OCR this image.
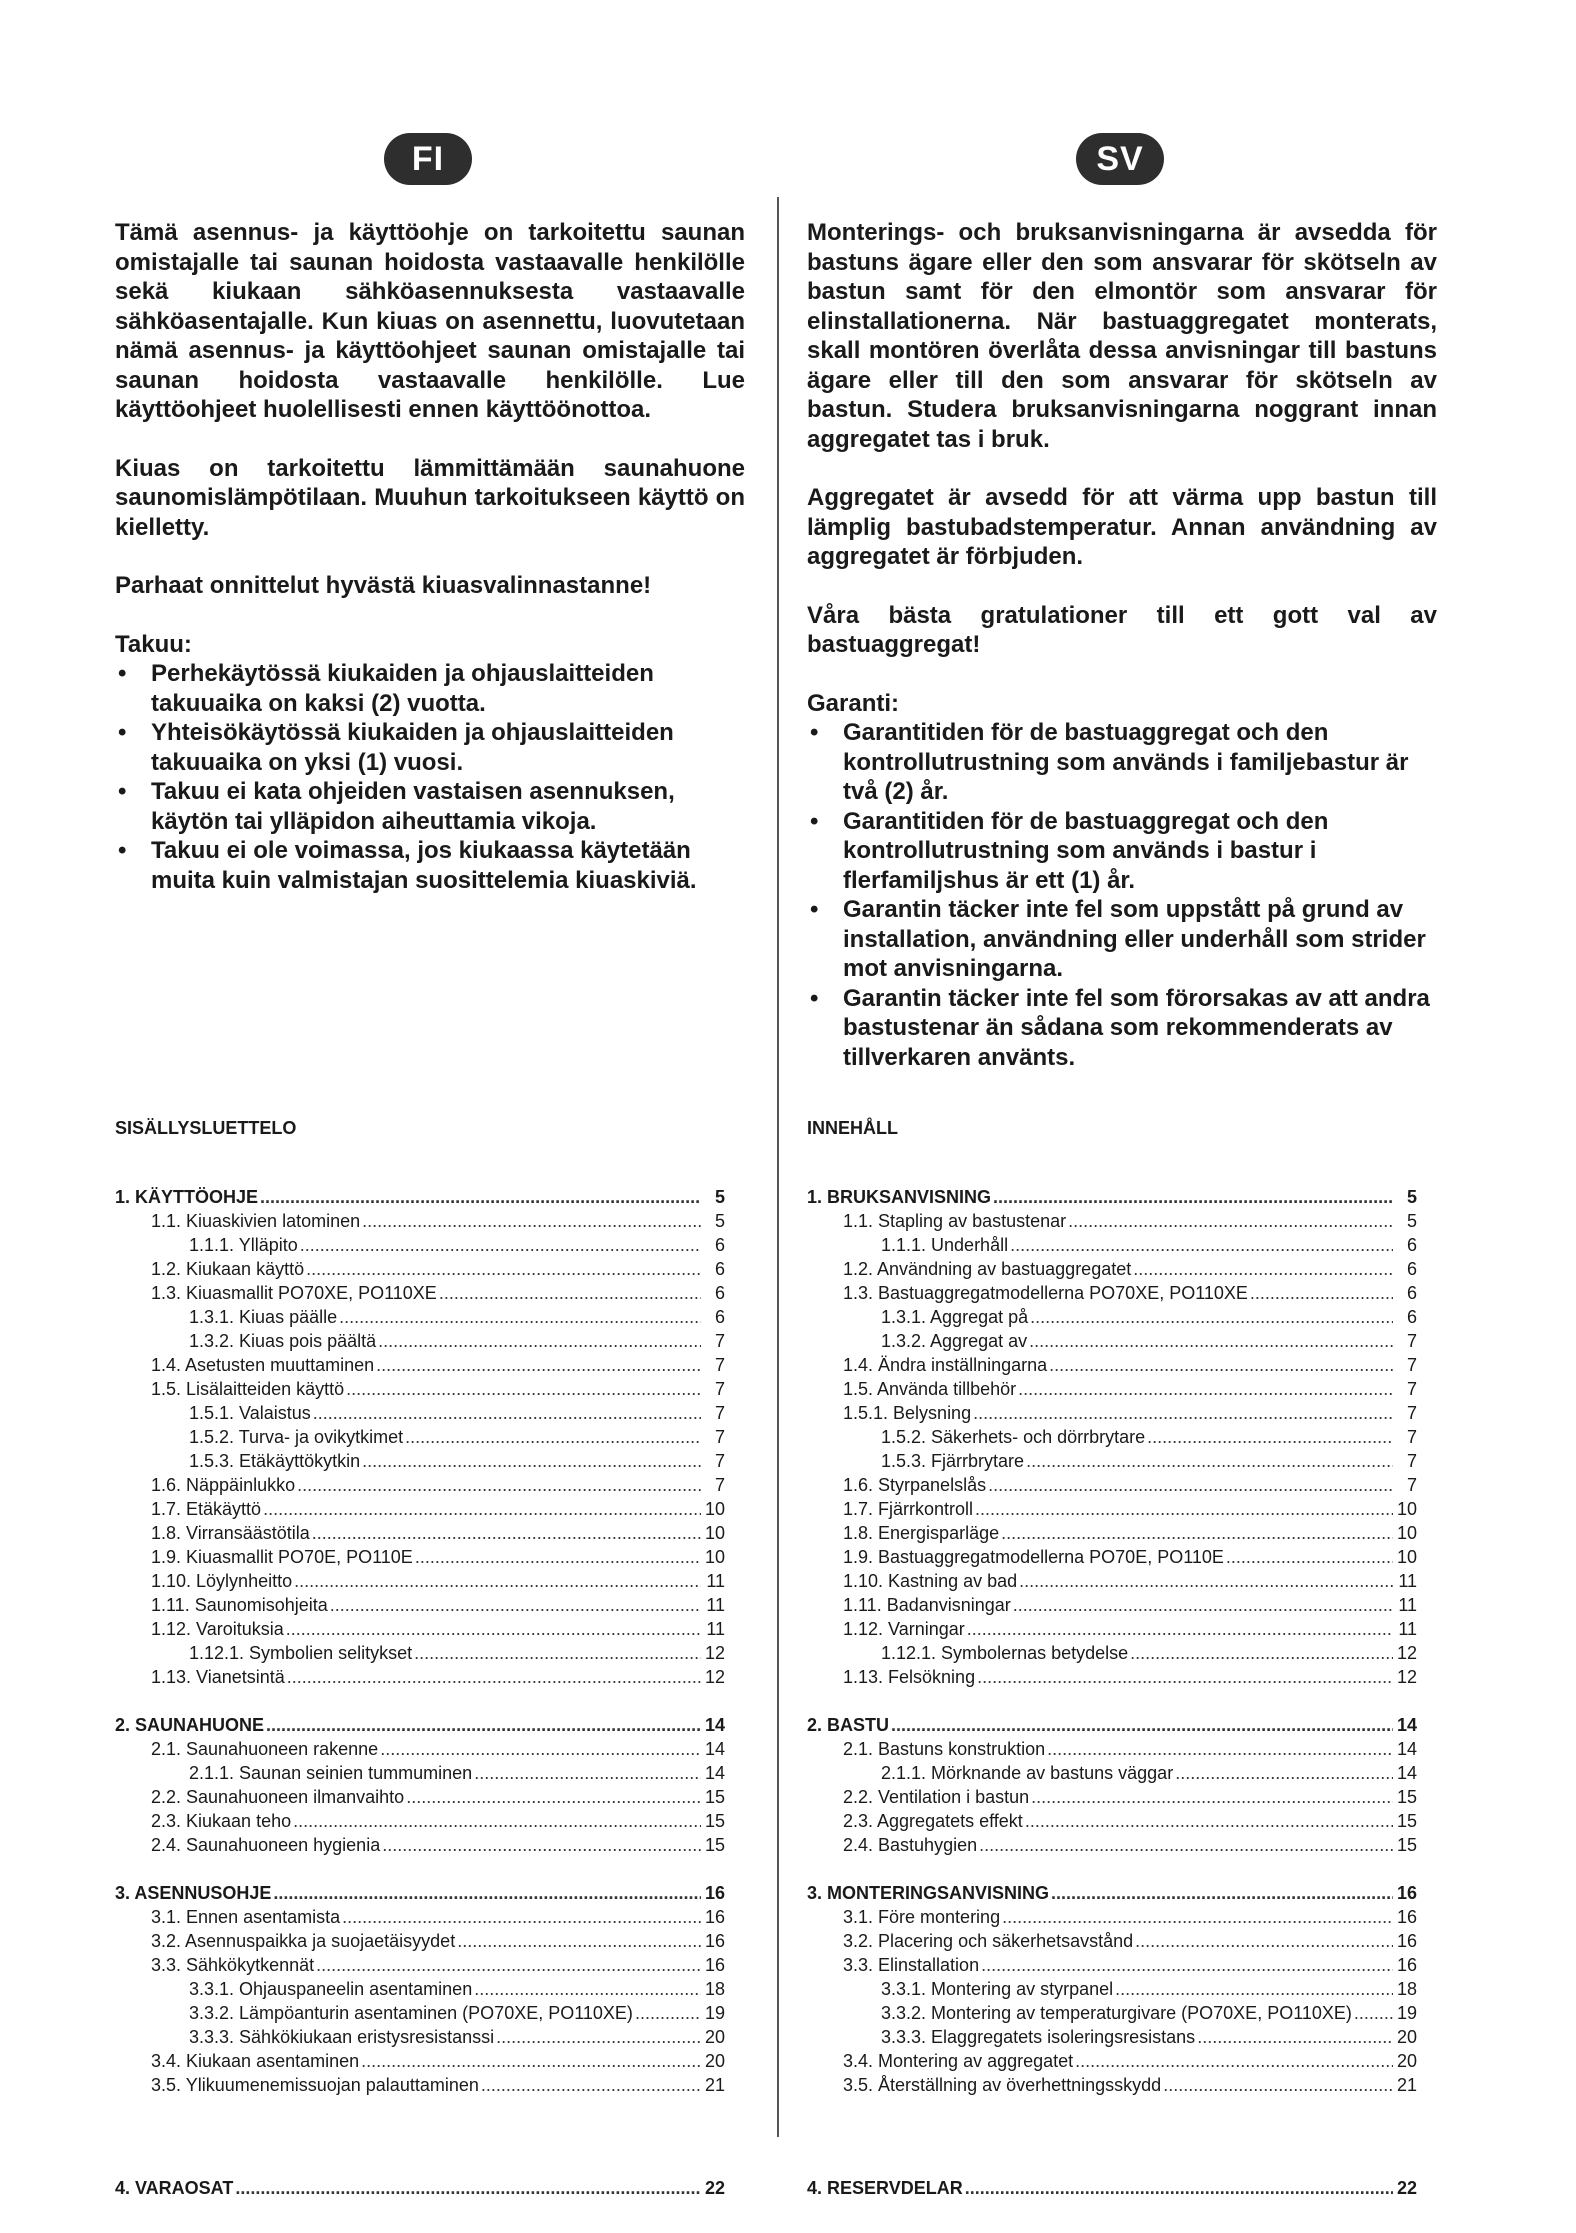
FI	SV

Tämä asennus- ja käyttöohje on tarkoitettu saunan omistajalle tai saunan hoidosta vastaavalle henkilölle sekä kiukaan sähköasennuksesta vastaavalle sähköasentajalle. Kun kiuas on asennettu, luovutetaan nämä asennus- ja käyttöohjeet saunan omistajalle tai saunan hoidosta vastaavalle henkilölle. Lue käyttöohjeet huolellisesti ennen käyttöönottoa.

Kiuas on tarkoitettu lämmittämään saunahuone saunomislämpötilaan. Muuhun tarkoitukseen käyttö on kielletty.

Parhaat onnittelut hyvästä kiuasvalinnastanne!

Takuu:
• Perhekäytössä kiukaiden ja ohjauslaitteiden takuuaika on kaksi (2) vuotta.
• Yhteisökäytössä kiukaiden ja ohjauslaitteiden takuuaika on yksi (1) vuosi.
• Takuu ei kata ohjeiden vastaisen asennuksen, käytön tai ylläpidon aiheuttamia vikoja.
• Takuu ei ole voimassa, jos kiukaassa käytetään muita kuin valmistajan suosittelemia kiuaskiviä.

Monterings- och bruksanvisningarna är avsedda för bastuns ägare eller den som ansvarar för skötseln av bastun samt för den elmontör som ansvarar för elinstallationerna. När bastuaggregatet monterats, skall montören överlåta dessa anvisningar till bastuns ägare eller till den som ansvarar för skötseln av bastun. Studera bruksanvisningarna noggrant innan aggregatet tas i bruk.

Aggregatet är avsedd för att värma upp bastun till lämplig bastubadstemperatur. Annan användning av aggregatet är förbjuden.

Våra bästa gratulationer till ett gott val av bastuaggregat!

Garanti:
• Garantitiden för de bastuaggregat och den kontrollutrustning som används i familjebastur är två (2) år.
• Garantitiden för de bastuaggregat och den kontrollutrustning som används i bastur i flerfamiljshus är ett (1) år.
• Garantin täcker inte fel som uppstått på grund av installation, användning eller underhåll som strider mot anvisningarna.
• Garantin täcker inte fel som förorsakas av att andra bastustenar än sådana som rekommenderats av tillverkaren använts.
SISÄLLYSLUETTELO
1. KÄYTTÖOHJE .....	5
1.1. Kiuaskivien latominen .....	5
1.1.1. Ylläpito .....	6
1.2. Kiukaan käyttö .....	6
1.3. Kiuasmallit PO70XE, PO110XE .....	6
1.3.1. Kiuas päälle .....	6
1.3.2. Kiuas pois päältä .....	7
1.4. Asetusten muuttaminen .....	7
1.5. Lisälaitteiden käyttö .....	7
1.5.1. Valaistus .....	7
1.5.2. Turva- ja ovikytkimet .....	7
1.5.3. Etäkäyttökytkin .....	7
1.6. Näppäinlukko .....	7
1.7. Etäkäyttö .....	10
1.8. Virransäästötila .....	10
1.9. Kiuasmallit PO70E, PO110E .....	10
1.10. Löylynheitto .....	11
1.11. Saunomisohjeita .....	11
1.12. Varoituksia .....	11
1.12.1. Symbolien selitykset .....	12
1.13. Vianetsintä .....	12
2. SAUNAHUONE .....	14
2.1. Saunahuoneen rakenne .....	14
2.1.1. Saunan seinien tummuminen .....	14
2.2. Saunahuoneen ilmanvaihto .....	15
2.3. Kiukaan teho .....	15
2.4. Saunahuoneen hygienia .....	15
3. ASENNUSOHJE .....	16
3.1. Ennen asentamista .....	16
3.2. Asennuspaikka ja suojaetäisyydet .....	16
3.3. Sähkökytkennät .....	16
3.3.1. Ohjauspaneelin asentaminen .....	18
3.3.2. Lämpöanturin asentaminen (PO70XE, PO110XE) .....	19
3.3.3. Sähkökiukaan eristysresistanssi .....	20
3.4. Kiukaan asentaminen .....	20
3.5. Ylikuumenemissuojan palauttaminen .....	21
4. VARAOSAT .....	22
INNEHÅLL
1. BRUKSANVISNING .....	5
1.1. Stapling av bastustenar .....	5
1.1.1. Underhåll .....	6
1.2. Användning av bastuaggregatet .....	6
1.3. Bastuaggregatmodellerna PO70XE, PO110XE .....	6
1.3.1. Aggregat på .....	6
1.3.2. Aggregat av .....	7
1.4. Ändra inställningarna .....	7
1.5. Använda tillbehör .....	7
1.5.1. Belysning .....	7
1.5.2. Säkerhets- och dörrbrytare .....	7
1.5.3. Fjärrbrytare .....	7
1.6. Styrpanelslås .....	7
1.7. Fjärrkontroll .....	10
1.8. Energisparläge .....	10
1.9. Bastuaggregatmodellerna PO70E, PO110E .....	10
1.10. Kastning av bad .....	11
1.11. Badanvisningar .....	11
1.12. Varningar .....	11
1.12.1. Symbolernas betydelse .....	12
1.13. Felsökning .....	12
2. BASTU .....	14
2.1. Bastuns konstruktion .....	14
2.1.1. Mörknande av bastuns väggar .....	14
2.2. Ventilation i bastun .....	15
2.3. Aggregatets effekt .....	15
2.4. Bastuhygien .....	15
3. MONTERINGSANVISNING .....	16
3.1. Före montering .....	16
3.2. Placering och säkerhetsavstånd .....	16
3.3. Elinstallation .....	16
3.3.1. Montering av styrpanel .....	18
3.3.2. Montering av temperaturgivare (PO70XE, PO110XE) .....	19
3.3.3. Elaggregatets isoleringsresistans .....	20
3.4. Montering av aggregatet .....	20
3.5. Återställning av överhettningsskydd .....	21
4. RESERVDELAR .....	22
